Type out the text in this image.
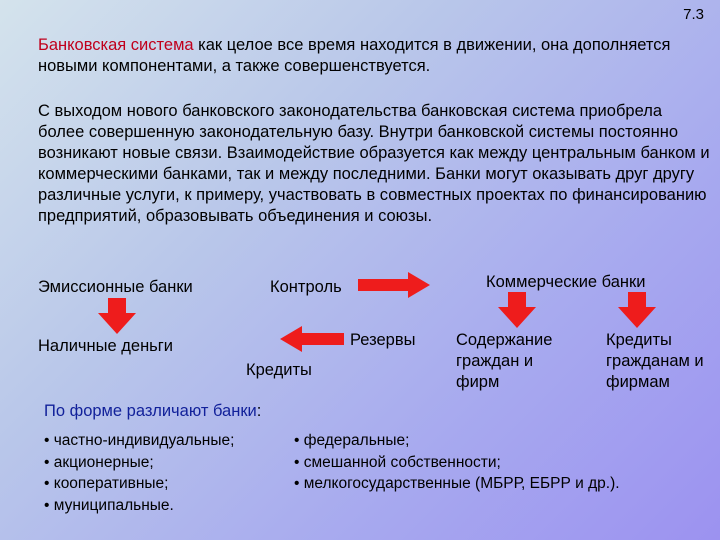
7.3
Банковская система как целое все время находится в движении, она дополняется новыми компонентами, а также совершенствуется.
С выходом нового банковского законодательства банковская система приобрела более совершенную законодательную базу. Внутри банковской системы постоянно возникают новые связи. Взаимодействие образуется как между центральным банком и коммерческими банками, так и между последними. Банки могут оказывать друг другу различные услуги, к примеру, участвовать в совместных проектах по финансированию предприятий, образовывать объединения и союзы.
Эмиссионные банки	Контроль	Коммерческие банки
Наличные деньги	Резервы
Кредиты
Содержание граждан и фирм
Кредиты гражданам и фирмам
По форме различают банки:
• частно-индивидуальные;
• акционерные;
• кооперативные;
• муниципальные.
• федеральные;
• смешанной собственности;
• мелкогосударственные (МБРР, ЕБРР и др.).
